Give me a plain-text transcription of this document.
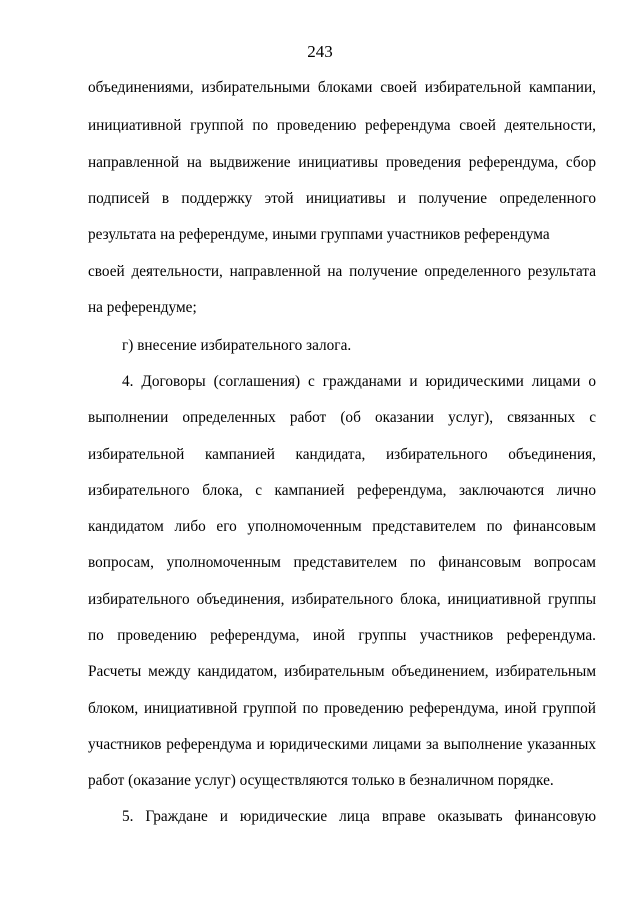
243
объединениями, избирательными блоками своей избирательной кампании,
инициативной группой по проведению референдума своей деятельности,
направленной на выдвижение инициативы проведения референдума, сбор
подписей в поддержку этой инициативы и получение определенного
результата на референдуме, иными группами участников референдума
своей деятельности, направленной на получение определенного результата
на референдуме;
г) внесение избирательного залога.
4. Договоры (соглашения) с гражданами и юридическими лицами о
выполнении определенных работ (об оказании услуг), связанных с
избирательной кампанией кандидата, избирательного объединения,
избирательного блока, с кампанией референдума, заключаются лично
кандидатом либо его уполномоченным представителем по финансовым
вопросам, уполномоченным представителем по финансовым вопросам
избирательного объединения, избирательного блока, инициативной группы
по проведению референдума, иной группы участников референдума.
Расчеты между кандидатом, избирательным объединением, избирательным
блоком, инициативной группой по проведению референдума, иной группой
участников референдума и юридическими лицами за выполнение указанных
работ (оказание услуг) осуществляются только в безналичном порядке.
5. Граждане и юридические лица вправе оказывать финансовую
